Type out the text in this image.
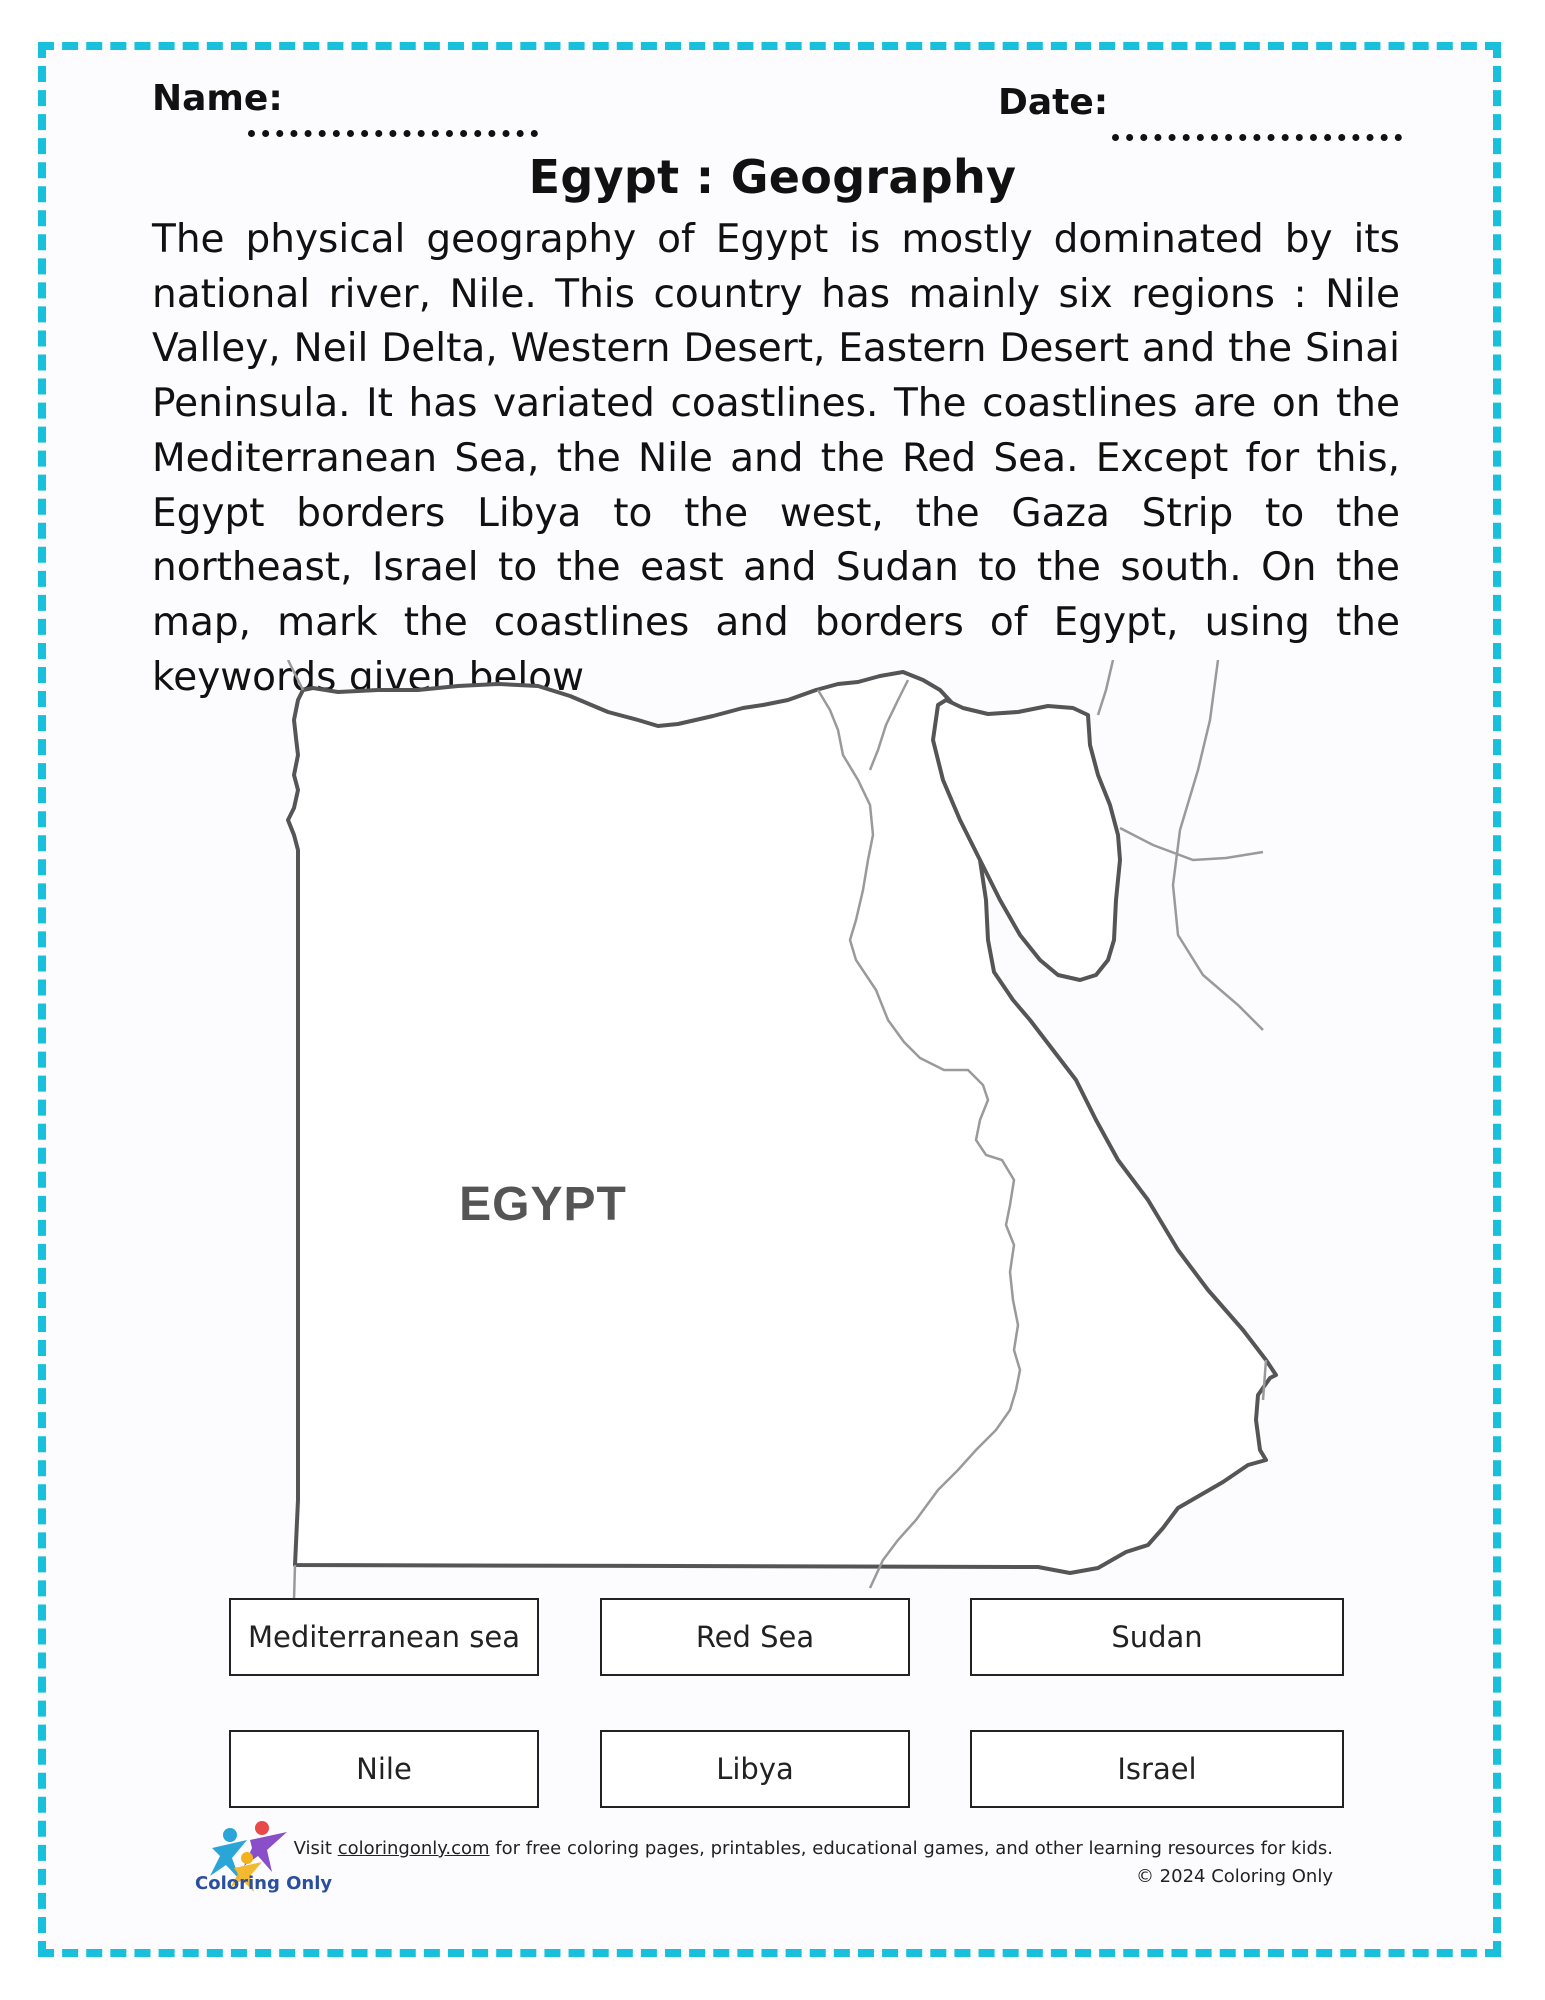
Name:	Date:
Egypt : Geography

The physical geography of Egypt is mostly dominated by its national river, Nile. This country has mainly six regions : Nile Valley, Neil Delta, Western Desert, Eastern Desert and the Sinai Peninsula. It has variated coastlines. The coastlines are on the Mediterranean Sea, the Nile and the Red Sea. Except for this, Egypt borders Libya to the west, the Gaza Strip to the northeast, Israel to the east and Sudan to the south. On the map, mark the coastlines and borders of Egypt, using the keywords given below

EGYPT
Mediterranean sea	Red Sea	Sudan
Nile	Libya	Israel
Coloring Only
Visit coloringonly.com for free coloring pages, printables, educational games, and other learning resources for kids.
© 2024 Coloring Only
